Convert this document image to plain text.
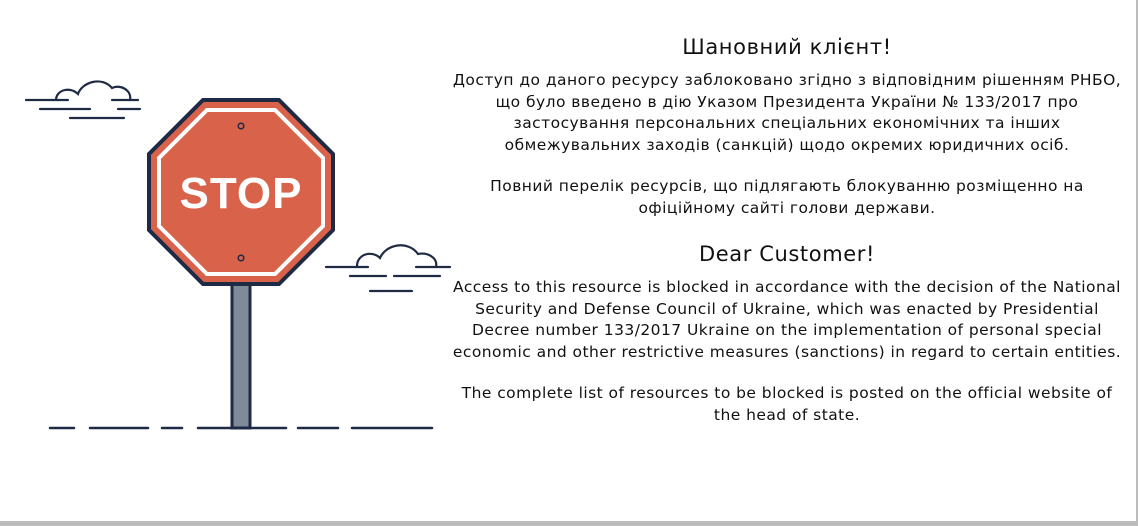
STOP
Шановний клієнт!

Доступ до даного ресурсу заблоковано згідно з відповідним рішенням РНБО, що було введено в дію Указом Президента України № 133/2017 про застосування персональних спеціальних економічних та інших обмежувальних заходів (санкцій) щодо окремих юридичних осіб.

Повний перелік ресурсів, що підлягають блокуванню розміщенно на офіційному сайті голови держави.

Dear Customer!

Access to this resource is blocked in accordance with the decision of the National Security and Defense Council of Ukraine, which was enacted by Presidential Decree number 133/2017 Ukraine on the implementation of personal special economic and other restrictive measures (sanctions) in regard to certain entities.

The complete list of resources to be blocked is posted on the official website of the head of state.
